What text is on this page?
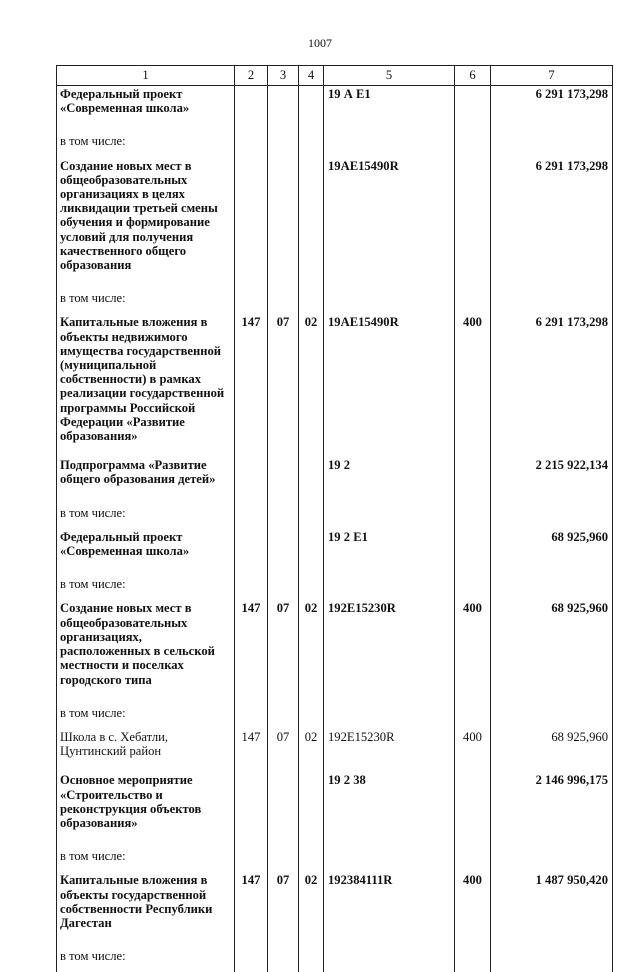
1007
1	2	3	4	5	6	7
Федеральный проект «Современная школа»				19 А Е1		6 291 173,298
в том числе:						
Создание новых мест в общеобразовательных организациях в целях ликвидации третьей смены обучения и формирование условий для получения качественного общего образования				19АЕ15490R		6 291 173,298
в том числе:						
Капитальные вложения в объекты недвижимого имущества государственной (муниципальной собственности) в рамках реализации государственной программы Российской Федерации «Развитие образования»	147	07	02	19АЕ15490R	400	6 291 173,298
Подпрограмма «Развитие общего образования детей»				19 2		2 215 922,134
в том числе:						
Федеральный проект «Современная школа»				19 2 Е1		68 925,960
в том числе:						
Создание новых мест в общеобразовательных организациях, расположенных в сельской местности и поселках городского типа	147	07	02	192Е15230R	400	68 925,960
в том числе:						
Школа в с. Хебатли, Цунтинский район	147	07	02	192Е15230R	400	68 925,960
Основное мероприятие «Строительство и реконструкция объектов образования»				19 2 38		2 146 996,175
в том числе:						
Капитальные вложения в объекты государственной собственности Республики Дагестан	147	07	02	192384111R	400	1 487 950,420
в том числе:						
